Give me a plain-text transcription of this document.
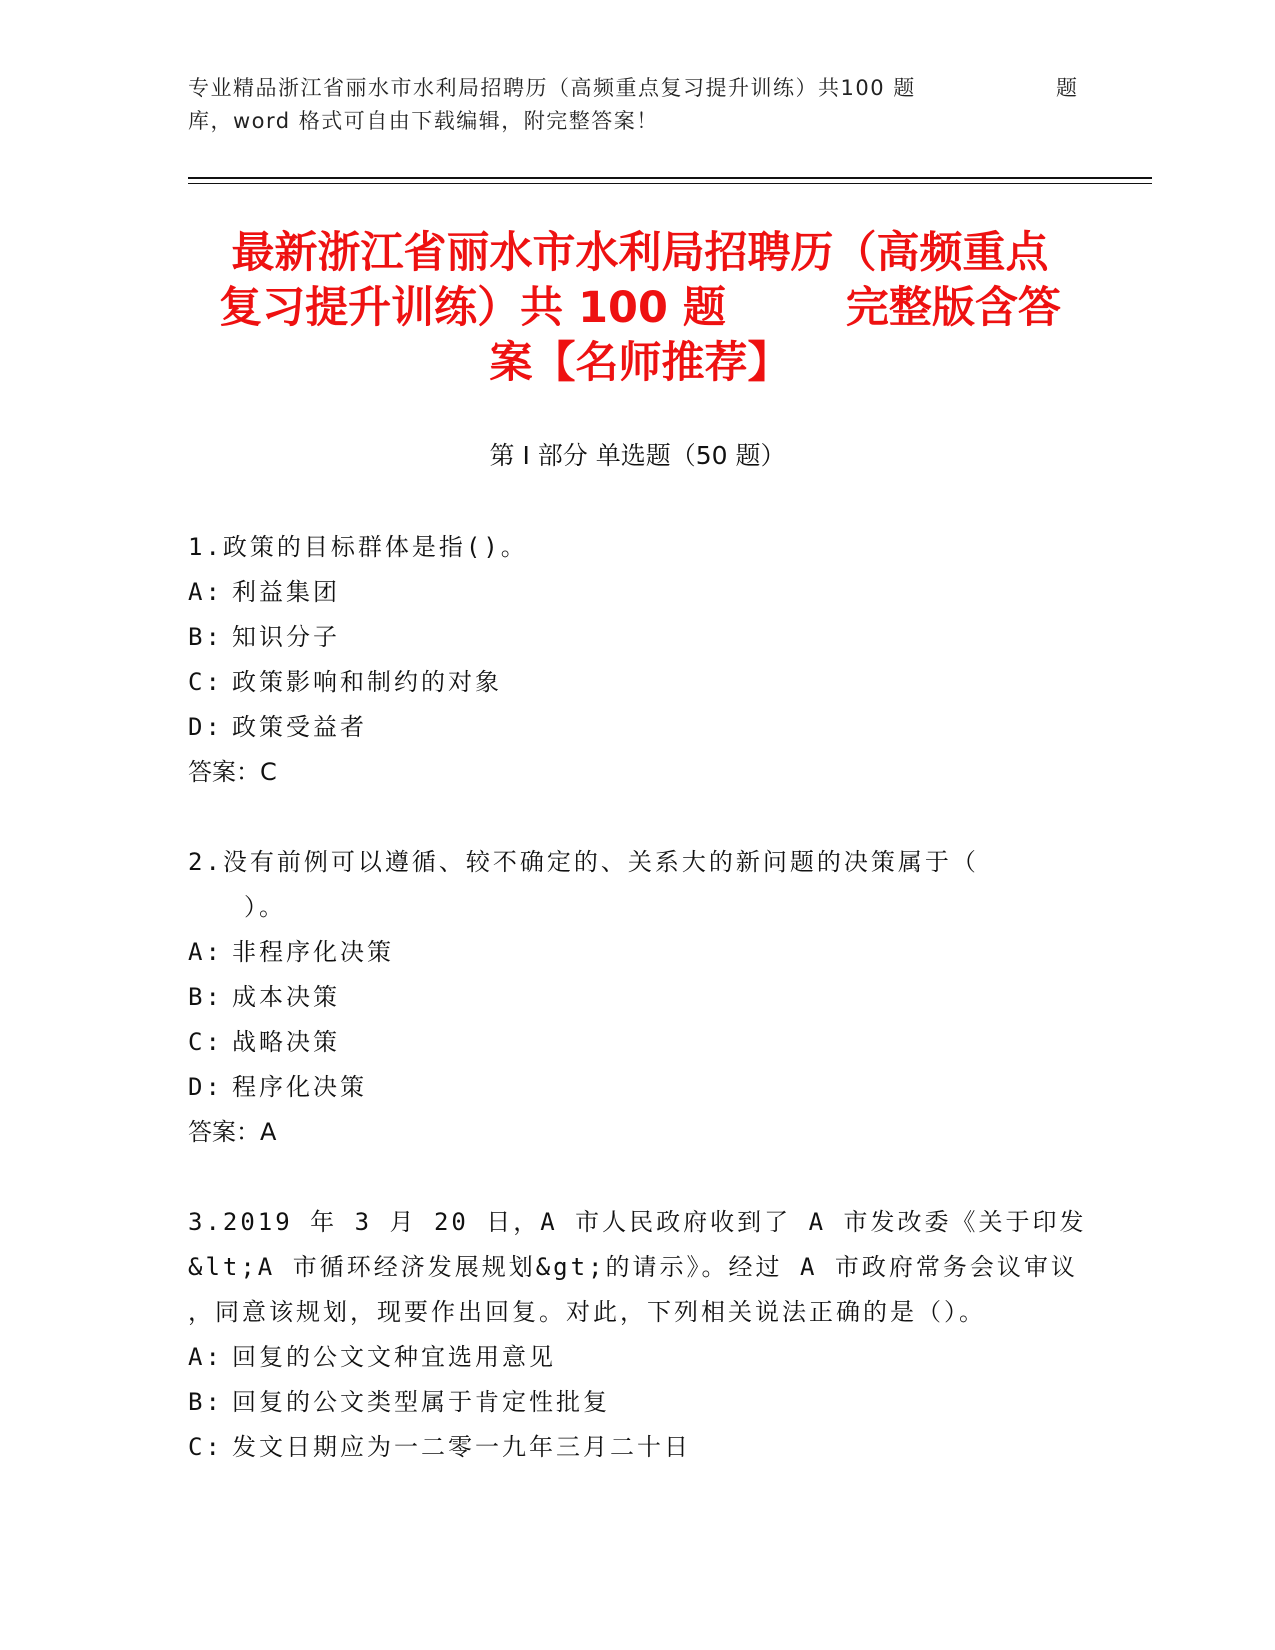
专业精品浙江省丽水市水利局招聘历（高频重点复习提升训练）共100 题	题
库，word 格式可自由下载编辑，附完整答案！
最新浙江省丽水市水利局招聘历（高频重点
复习提升训练）共 100 题	完整版含答
案【名师推荐】
第 I 部分 单选题（50 题）
1.政策的目标群体是指()。
A: 利益集团
B: 知识分子
C: 政策影响和制约的对象
D: 政策受益者
答案：C
2.没有前例可以遵循、较不确定的、关系大的新问题的决策属于（
）。
A: 非程序化决策
B: 成本决策
C: 战略决策
D: 程序化决策
答案：A
3.2019 年 3 月 20 日，A 市人民政府收到了 A 市发改委《关于印发
&lt;A 市循环经济发展规划&gt;的请示》。经过 A 市政府常务会议审议
，同意该规划，现要作出回复。对此，下列相关说法正确的是（）。
A: 回复的公文文种宜选用意见
B: 回复的公文类型属于肯定性批复
C: 发文日期应为一二零一九年三月二十日
